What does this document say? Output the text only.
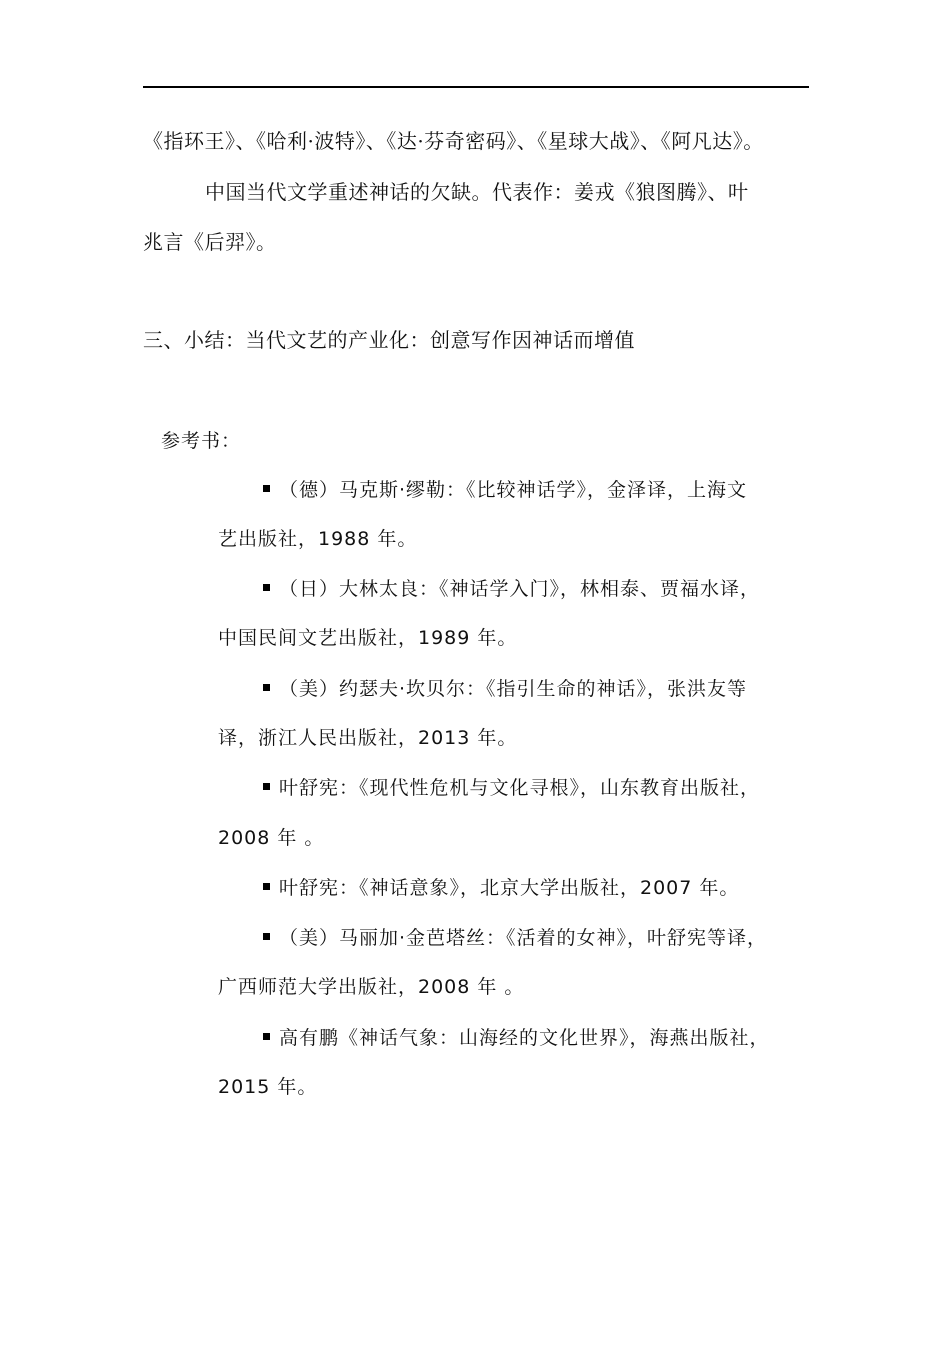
《指环王》、《哈利·波特》、《达·芬奇密码》、《星球大战》、《阿凡达》。
中国当代文学重述神话的欠缺。代表作：姜戎《狼图腾》、叶
兆言《后羿》。
三、小结：当代文艺的产业化：创意写作因神话而增值
参考书：
（德）马克斯·缪勒：《比较神话学》，金泽译，上海文
艺出版社，1988 年。
（日）大林太良：《神话学入门》，林相泰、贾福水译，
中国民间文艺出版社，1989 年。
（美）约瑟夫·坎贝尔：《指引生命的神话》，张洪友等
译，浙江人民出版社，2013 年。
叶舒宪：《现代性危机与文化寻根》，山东教育出版社，
2008 年 。
叶舒宪：《神话意象》，北京大学出版社，2007 年。
（美）马丽加·金芭塔丝：《活着的女神》，叶舒宪等译，
广西师范大学出版社，2008 年 。
高有鹏《神话气象：山海经的文化世界》，海燕出版社，
2015 年。
